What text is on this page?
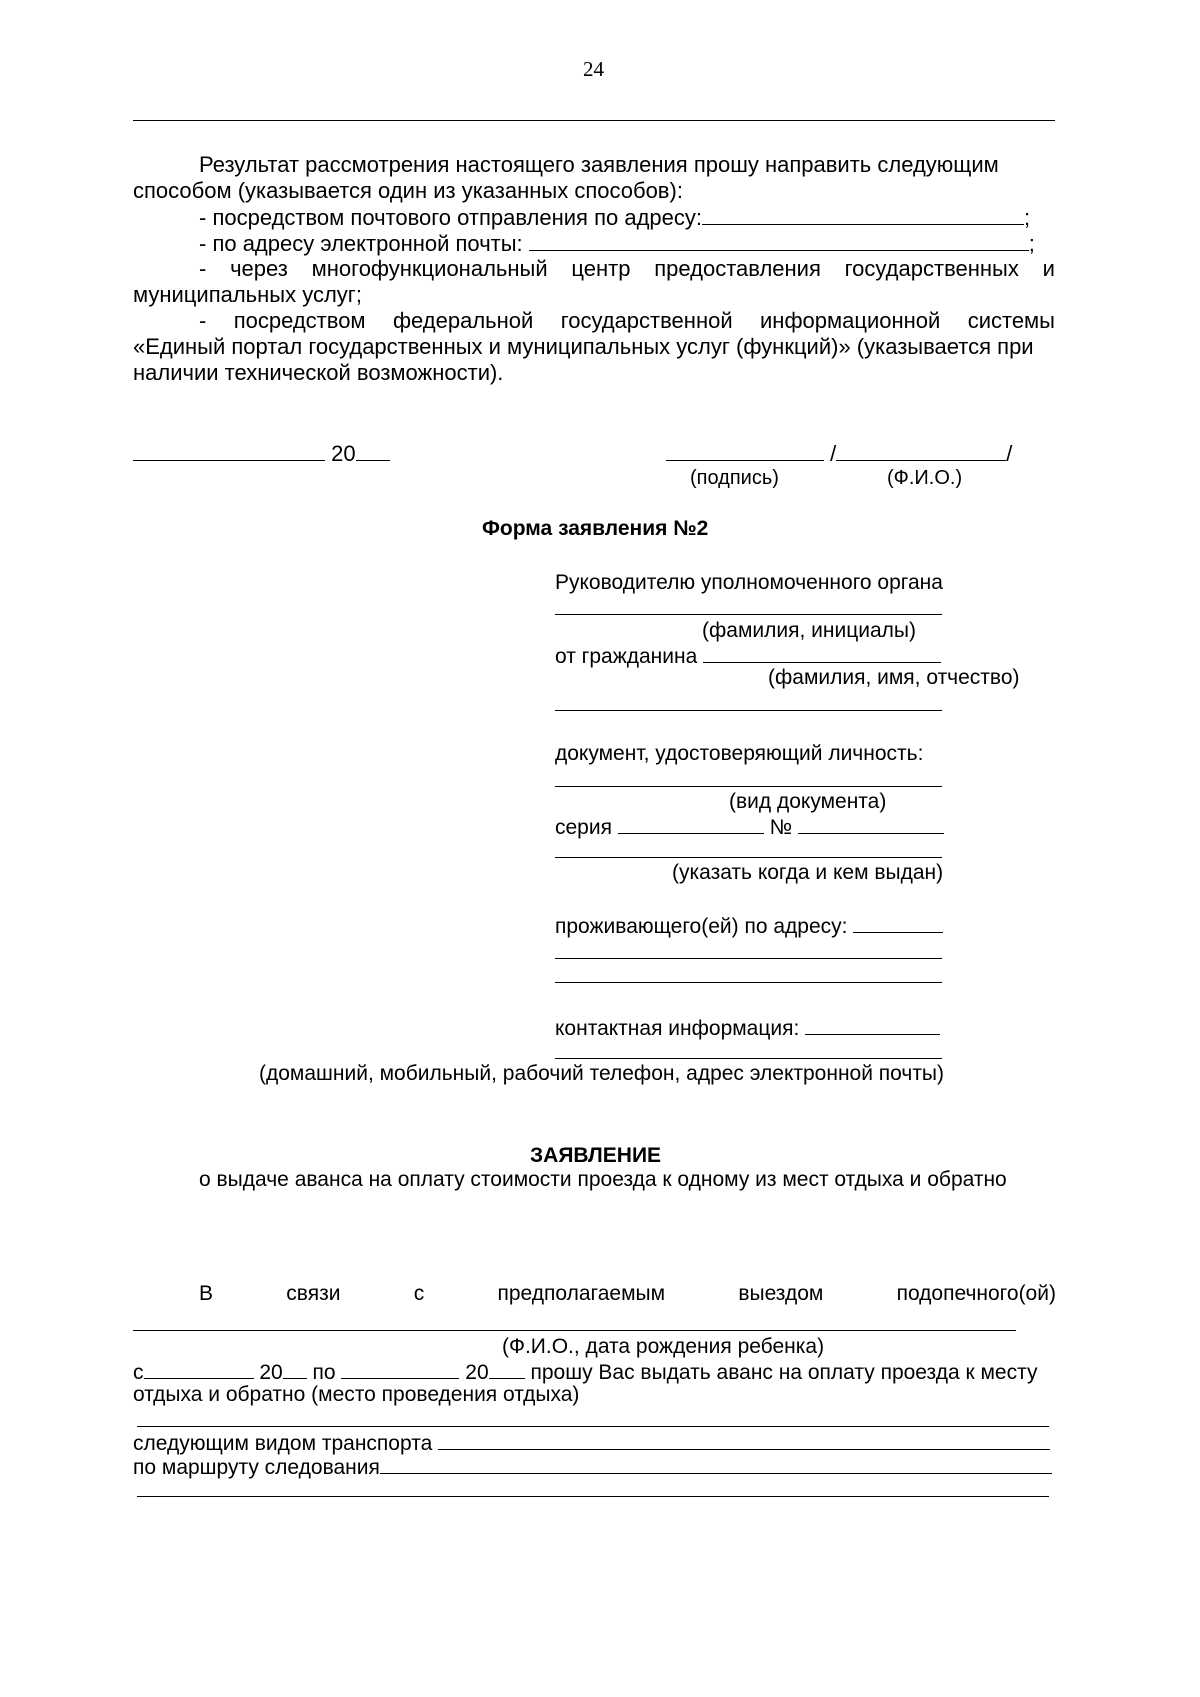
24
Результат рассмотрения настоящего заявления прошу направить следующим
способом (указывается один из указанных способов):
- посредством почтового отправления по адресу:	;
- по адресу электронной почты:	;
- через многофункциональный центр предоставления государственных и
муниципальных услуг;
- посредством федеральной государственной информационной системы
«Единый портал государственных и муниципальных услуг (функций)» (указывается при
наличии технической возможности).
20	/	/
(подпись)	(Ф.И.О.)
Форма заявления №2
Руководителю уполномоченного органа
(фамилия, инициалы)
от гражданина
(фамилия, имя, отчество)
документ, удостоверяющий личность:
(вид документа)
серия	№
(указать когда и кем выдан)
проживающего(ей) по адресу:
контактная информация:
(домашний, мобильный, рабочий телефон, адрес электронной почты)
ЗАЯВЛЕНИЕ
о выдаче аванса на оплату стоимости проезда к одному из мест отдыха и обратно
В	связи	с	предполагаемым	выездом	подопечного(ой)
(Ф.И.О., дата рождения ребенка)
с	20 по	20 прошу Вас выдать аванс на оплату проезда к месту
отдыха и обратно (место проведения отдыха)
следующим видом транспорта
по маршруту следования
